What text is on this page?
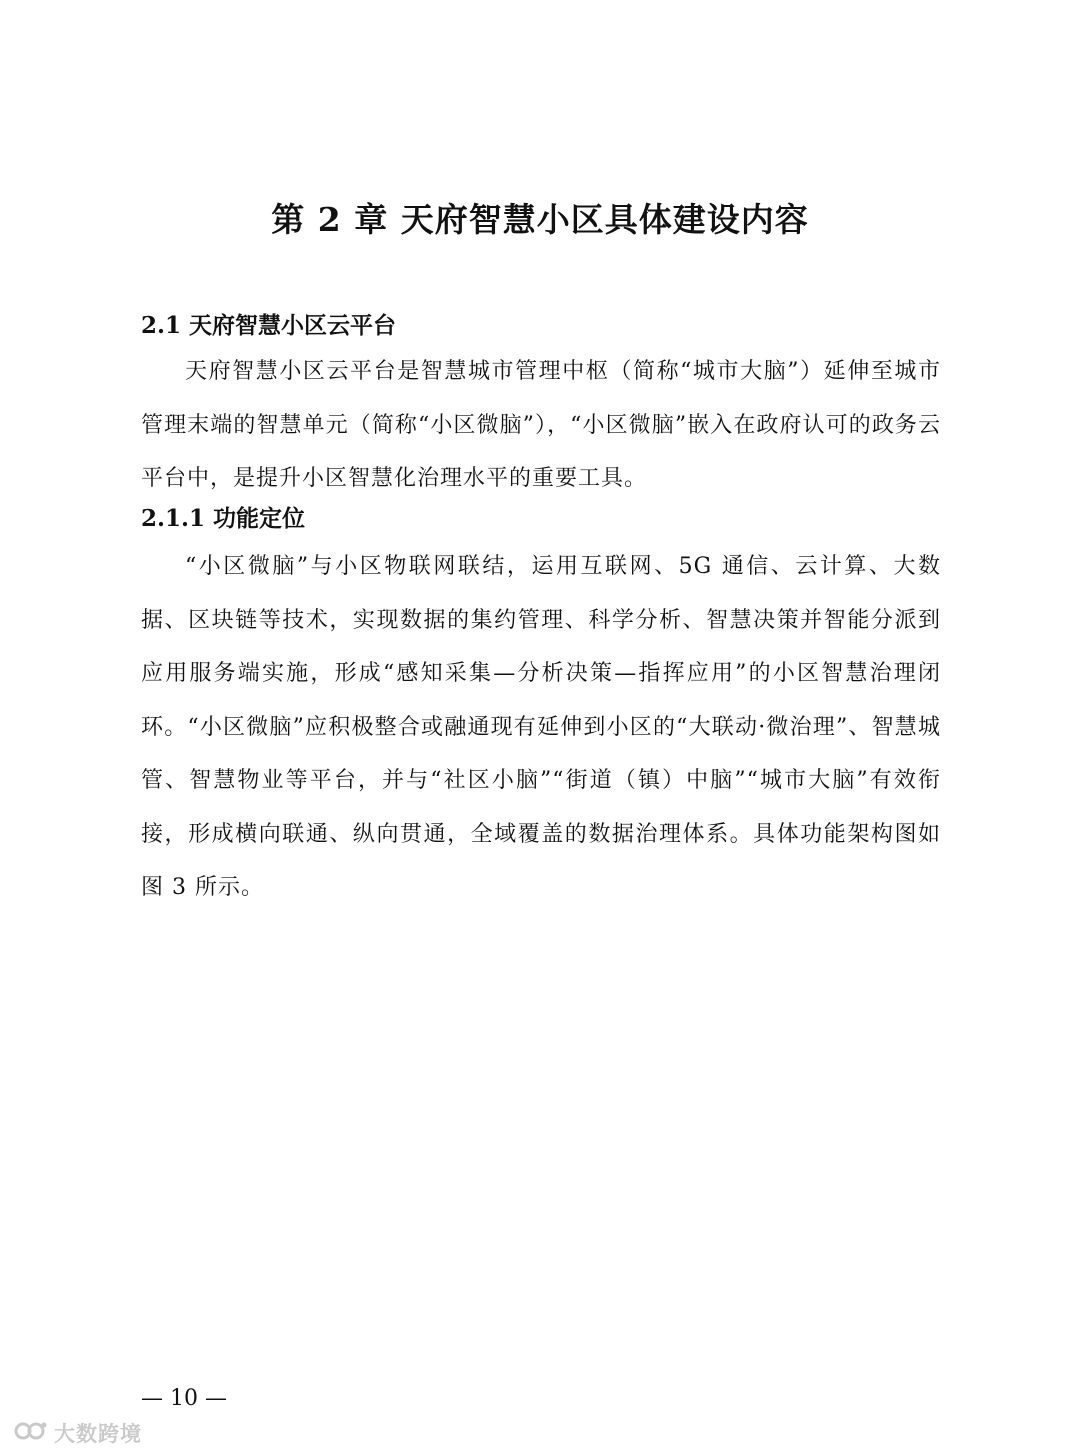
第 2 章 天府智慧小区具体建设内容
2.1 天府智慧小区云平台

天府智慧小区云平台是智慧城市管理中枢（简称“城市大脑”）延伸至城市管理末端的智慧单元（简称“小区微脑”），“小区微脑”嵌入在政府认可的政务云平台中，是提升小区智慧化治理水平的重要工具。

2.1.1 功能定位

“小区微脑”与小区物联网联结，运用互联网、5G 通信、云计算、大数据、区块链等技术，实现数据的集约管理、科学分析、智慧决策并智能分派到应用服务端实施，形成“感知采集—分析决策—指挥应用”的小区智慧治理闭环。“小区微脑”应积极整合或融通现有延伸到小区的“大联动·微治理”、智慧城管、智慧物业等平台，并与“社区小脑”“街道（镇）中脑”“城市大脑”有效衔接，形成横向联通、纵向贯通，全域覆盖的数据治理体系。具体功能架构图如图 3 所示。

— 10 —
大数跨境
